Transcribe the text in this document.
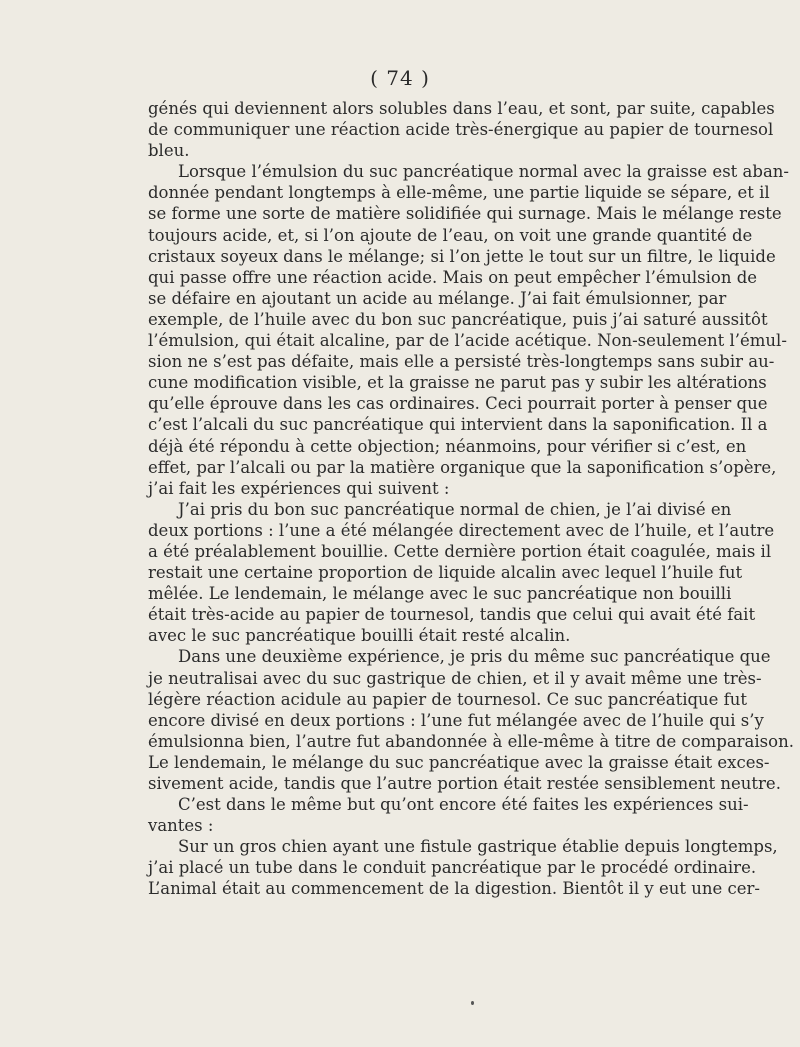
( 74 )
génés qui deviennent alors solubles dans l’eau, et sont, par suite, capables
de communiquer une réaction acide très-énergique au papier de tournesol
bleu.
Lorsque l’émulsion du suc pancréatique normal avec la graisse est aban-
donnée pendant longtemps à elle-même, une partie liquide se sépare, et il
se forme une sorte de matière solidifiée qui surnage. Mais le mélange reste
toujours acide, et, si l’on ajoute de l’eau, on voit une grande quantité de
cristaux soyeux dans le mélange; si l’on jette le tout sur un filtre, le liquide
qui passe offre une réaction acide. Mais on peut empêcher l’émulsion de
se défaire en ajoutant un acide au mélange. J’ai fait émulsionner, par
exemple, de l’huile avec du bon suc pancréatique, puis j’ai saturé aussitôt
l’émulsion, qui était alcaline, par de l’acide acétique. Non-seulement l’émul-
sion ne s’est pas défaite, mais elle a persisté très-longtemps sans subir au-
cune modification visible, et la graisse ne parut pas y subir les altérations
qu’elle éprouve dans les cas ordinaires. Ceci pourrait porter à penser que
c’est l’alcali du suc pancréatique qui intervient dans la saponification. Il a
déjà été répondu à cette objection; néanmoins, pour vérifier si c’est, en
effet, par l’alcali ou par la matière organique que la saponification s’opère,
j’ai fait les expériences qui suivent :
J’ai pris du bon suc pancréatique normal de chien, je l’ai divisé en
deux portions : l’une a été mélangée directement avec de l’huile, et l’autre
a été préalablement bouillie. Cette dernière portion était coagulée, mais il
restait une certaine proportion de liquide alcalin avec lequel l’huile fut
mêlée. Le lendemain, le mélange avec le suc pancréatique non bouilli
était très-acide au papier de tournesol, tandis que celui qui avait été fait
avec le suc pancréatique bouilli était resté alcalin.
Dans une deuxième expérience, je pris du même suc pancréatique que
je neutralisai avec du suc gastrique de chien, et il y avait même une très-
légère réaction acidule au papier de tournesol. Ce suc pancréatique fut
encore divisé en deux portions : l’une fut mélangée avec de l’huile qui s’y
émulsionna bien, l’autre fut abandonnée à elle-même à titre de comparaison.
Le lendemain, le mélange du suc pancréatique avec la graisse était exces-
sivement acide, tandis que l’autre portion était restée sensiblement neutre.
C’est dans le même but qu’ont encore été faites les expériences sui-
vantes :
Sur un gros chien ayant une fistule gastrique établie depuis longtemps,
j’ai placé un tube dans le conduit pancréatique par le procédé ordinaire.
L’animal était au commencement de la digestion. Bientôt il y eut une cer-
